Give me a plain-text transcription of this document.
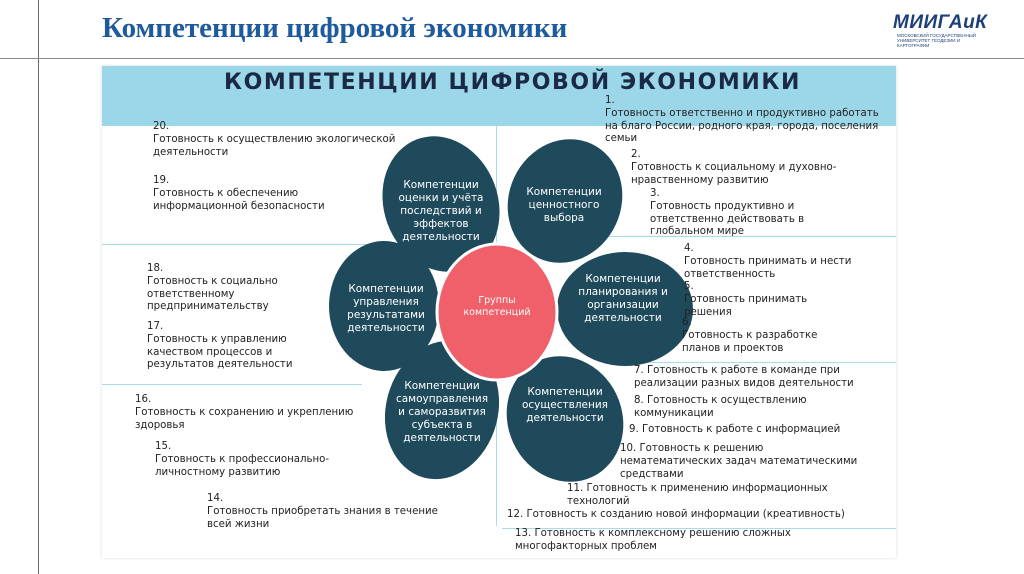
Компетенции цифровой экономики	МИИГАиК
МОСКОВСКИЙ ГОСУДАРСТВЕННЫЙ УНИВЕРСИТЕТ ГЕОДЕЗИИ И КАРТОГРАФИИ
КОМПЕТЕНЦИИ ЦИФРОВОЙ ЭКОНОМИКИ
Компетенции
оценки и учёта
последствий и
эффектов
деятельности
Компетенции
ценностного
выбора
Компетенции
планирования и
организации
деятельности
Компетенции
осуществления
деятельности
Компетенции
самоуправления
и саморазвития
субъекта в
деятельности
Компетенции
управления
результатами
деятельности
Группы
компетенций
1.
Готовность ответственно и продуктивно работать
на благо России, родного края, города, поселения
семьи
2.
Готовность к социальному и духовно-
нравственному развитию
3.
Готовность продуктивно и
ответственно действовать в
глобальном мире
4.
Готовность принимать и нести
ответственность
5.
Готовность принимать
решения
6.
Готовность к разработке
планов и проектов
7. Готовность к работе в команде при
реализации разных видов деятельности
8. Готовность к осуществлению
коммуникации
9. Готовность к работе с информацией
10. Готовность к решению
нематематических задач математическими
средствами
11. Готовность к применению информационных
технологий
12. Готовность к созданию новой информации (креативность)
13. Готовность к комплексному решению сложных
многофакторных проблем
20.
Готовность к осуществлению экологической
деятельности
19.
Готовность к обеспечению
информационной безопасности
18.
Готовность к социально
ответственному
предпринимательству
17.
Готовность к управлению
качеством процессов и
результатов деятельности
16.
Готовность к сохранению и укреплению
здоровья
15.
Готовность к профессионально-
личностному развитию
14.
Готовность приобретать знания в течение
всей жизни
